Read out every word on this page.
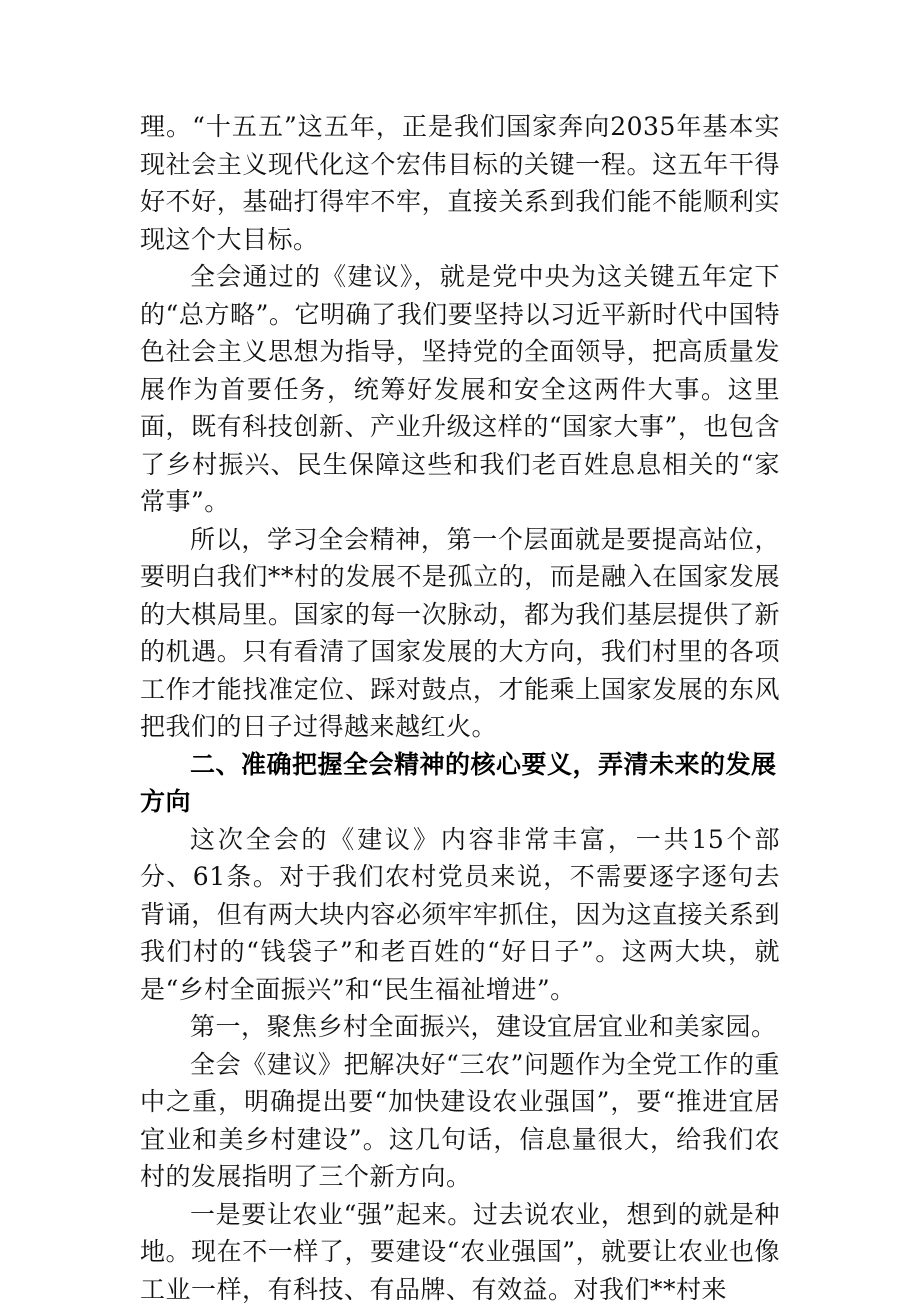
理。“十五五”这五年，正是我们国家奔向2035年基本实现社会主义现代化这个宏伟目标的关键一程。这五年干得好不好，基础打得牢不牢，直接关系到我们能不能顺利实现这个大目标。

全会通过的《建议》，就是党中央为这关键五年定下的“总方略”。它明确了我们要坚持以习近平新时代中国特色社会主义思想为指导，坚持党的全面领导，把高质量发展作为首要任务，统筹好发展和安全这两件大事。这里面，既有科技创新、产业升级这样的“国家大事”，也包含了乡村振兴、民生保障这些和我们老百姓息息相关的“家常事”。

所以，学习全会精神，第一个层面就是要提高站位，要明白我们**村的发展不是孤立的，而是融入在国家发展的大棋局里。国家的每一次脉动，都为我们基层提供了新的机遇。只有看清了国家发展的大方向，我们村里的各项工作才能找准定位、踩对鼓点，才能乘上国家发展的东风把我们的日子过得越来越红火。

二、准确把握全会精神的核心要义，弄清未来的发展方向

这次全会的《建议》内容非常丰富，一共15个部分、61条。对于我们农村党员来说，不需要逐字逐句去背诵，但有两大块内容必须牢牢抓住，因为这直接关系到我们村的“钱袋子”和老百姓的“好日子”。这两大块，就是“乡村全面振兴”和“民生福祉增进”。

第一，聚焦乡村全面振兴，建设宜居宜业和美家园。

全会《建议》把解决好“三农”问题作为全党工作的重中之重，明确提出要“加快建设农业强国”，要“推进宜居宜业和美乡村建设”。这几句话，信息量很大，给我们农村的发展指明了三个新方向。

一是要让农业“强”起来。过去说农业，想到的就是种地。现在不一样了，要建设“农业强国”，就要让农业也像工业一样，有科技、有品牌、有效益。对我们**村来
